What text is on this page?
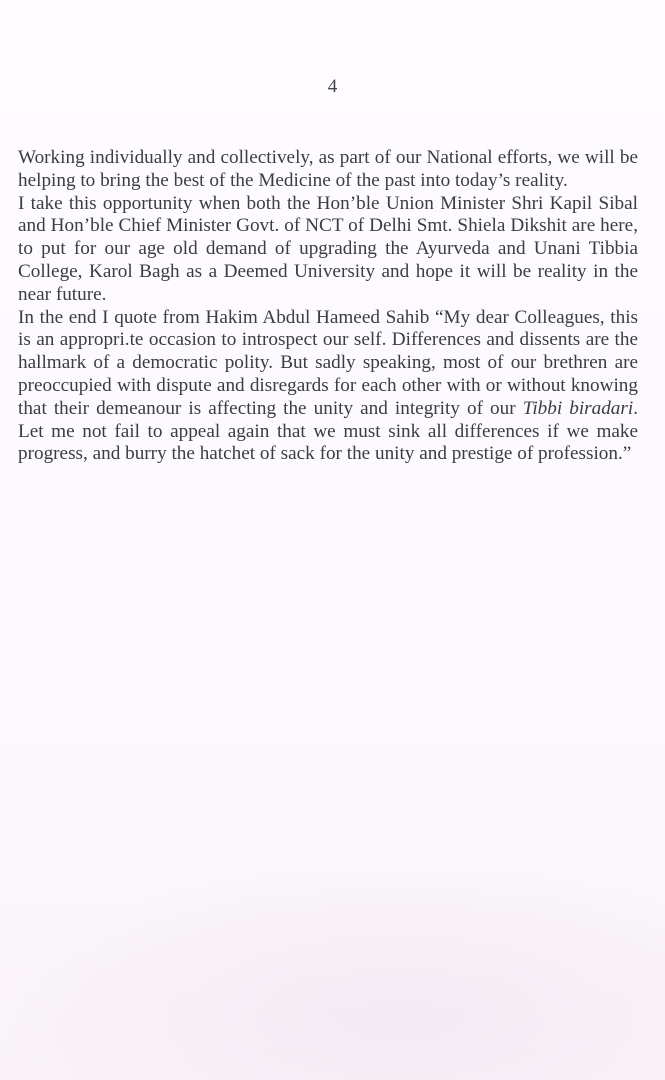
4

Working individually and collectively, as part of our National efforts, we will be helping to bring the best of the Medicine of the past into today’s reality.

I take this opportunity when both the Hon’ble Union Minister Shri Kapil Sibal and Hon’ble Chief Minister Govt. of NCT of Delhi Smt. Shiela Dikshit are here, to put for our age old demand of upgrading the Ayurveda and Unani Tibbia College, Karol Bagh as a Deemed University and hope it will be reality in the near future.

In the end I quote from Hakim Abdul Hameed Sahib “My dear Colleagues, this is an appropri.te occasion to introspect our self. Differences and dissents are the hallmark of a democratic polity. But sadly speaking, most of our brethren are preoccupied with dispute and disregards for each other with or without knowing that their demeanour is affecting the unity and integrity of our Tibbi biradari. Let me not fail to appeal again that we must sink all differences if we make progress, and burry the hatchet of sack for the unity and prestige of profession.”
